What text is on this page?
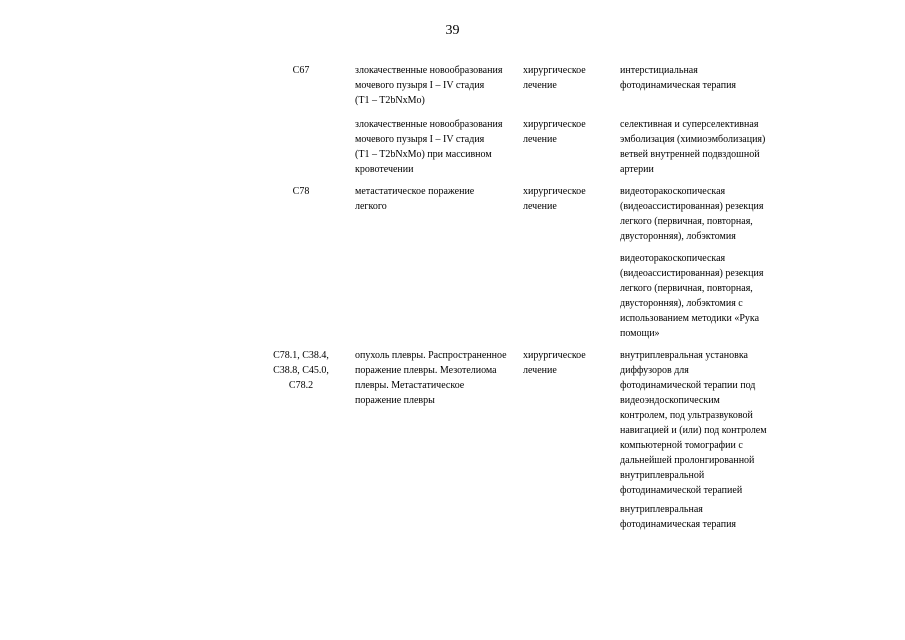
39
C67	злокачественные новообразования
мочевого пузыря I – IV стадия
(T1 – T2bNxMo)
хирургическое
лечение
интерстициальная
фотодинамическая терапия
злокачественные новообразования
мочевого пузыря I – IV стадия
(T1 – T2bNxMo) при массивном
кровотечении
хирургическое
лечение
селективная и суперселективная
эмболизация (химиоэмболизация)
ветвей внутренней подвздошной
артерии
C78	метастатическое поражение
легкого
хирургическое
лечение
видеоторакоскопическая
(видеоассистированная) резекция
легкого (первичная, повторная,
двусторонняя), лобэктомия
видеоторакоскопическая
(видеоассистированная) резекция
легкого (первичная, повторная,
двусторонняя), лобэктомия с
использованием методики «Рука
помощи»
C78.1, C38.4,
C38.8, C45.0,
C78.2
опухоль плевры. Распространенное
поражение плевры. Мезотелиома
плевры. Метастатическое
поражение плевры
хирургическое
лечение
внутриплевральная установка
диффузоров для
фотодинамической терапии под
видеоэндоскопическим
контролем, под ультразвуковой
навигацией и (или) под контролем
компьютерной томографии с
дальнейшей пролонгированной
внутриплевральной
фотодинамической терапией
внутриплевральная
фотодинамическая терапия
